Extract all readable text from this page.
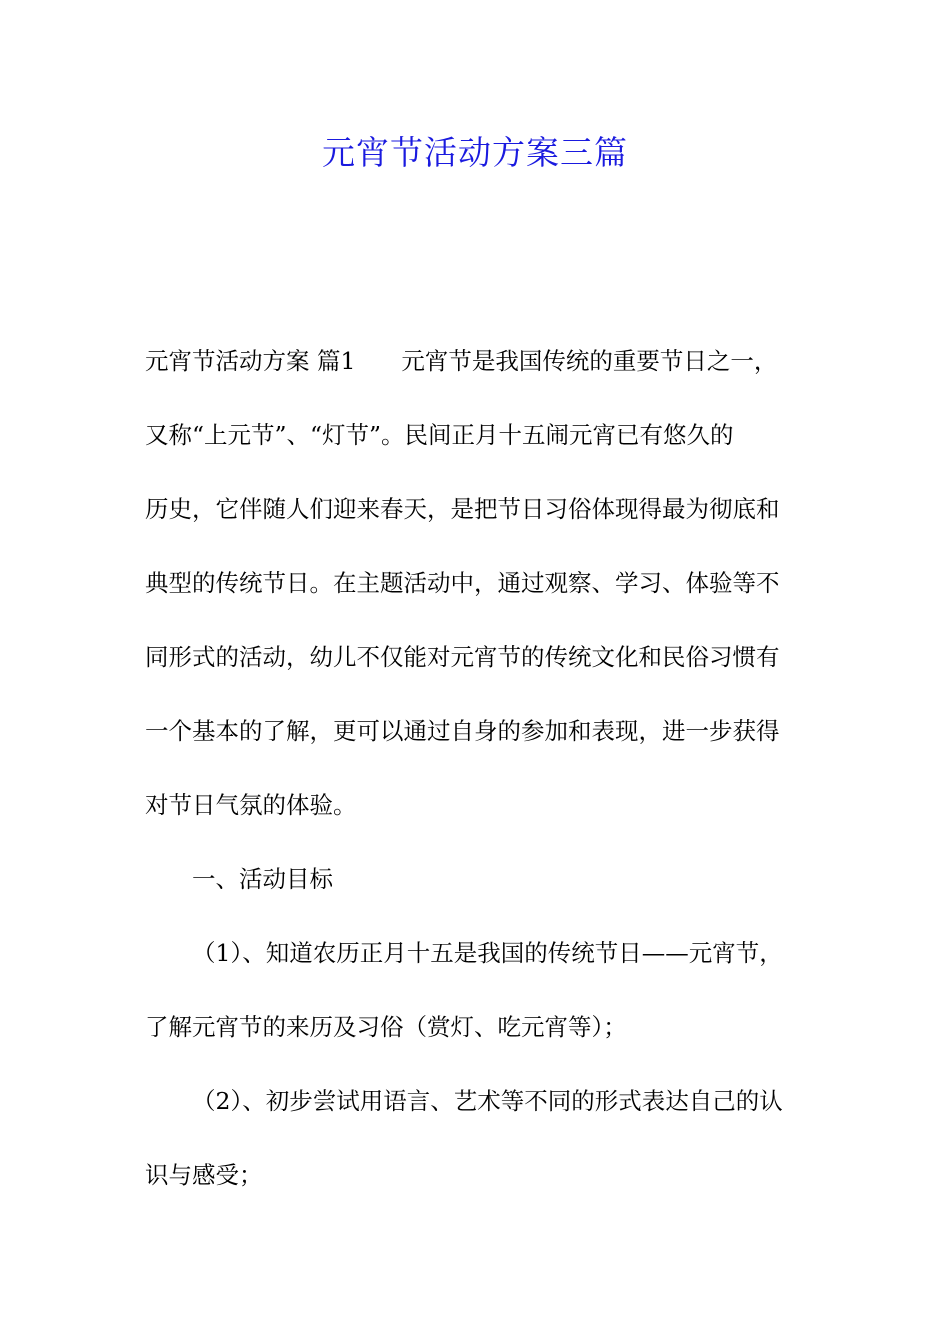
元宵节活动方案三篇
元宵节活动方案 篇1 元宵节是我国传统的重要节日之一，
又称“上元节”、“灯节”。民间正月十五闹元宵已有悠久的
历史，它伴随人们迎来春天，是把节日习俗体现得最为彻底和
典型的传统节日。在主题活动中，通过观察、学习、体验等不
同形式的活动，幼儿不仅能对元宵节的传统文化和民俗习惯有
一个基本的了解，更可以通过自身的参加和表现，进一步获得
对节日气氛的体验。
一、活动目标
（1）、知道农历正月十五是我国的传统节日——元宵节，
了解元宵节的来历及习俗（赏灯、吃元宵等）；
（2）、初步尝试用语言、艺术等不同的形式表达自己的认
识与感受；
